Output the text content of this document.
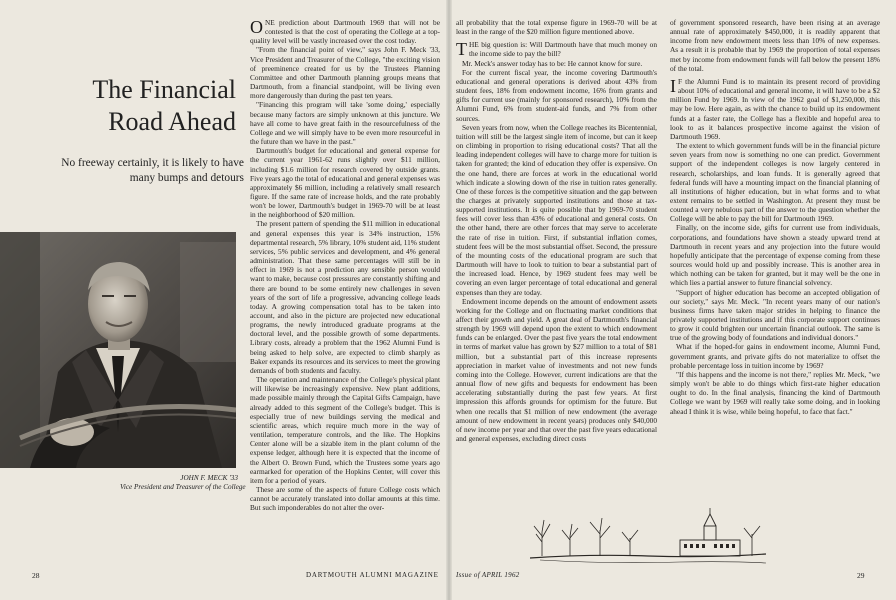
The Financial
Road Ahead
No freeway certainly, it is likely to have many bumps and detours
JOHN F. MECK '33
Vice President and Treasurer of the College

ONE prediction about Dartmouth 1969 that will not be contested is that the cost of operating the College at a top-quality level will be vastly increased over the cost today.

"From the financial point of view," says John F. Meck '33, Vice President and Treasurer of the College, "the exciting vision of preeminence created for us by the Trustees Planning Committee and other Dartmouth planning groups means that Dartmouth, from a financial standpoint, will be living even more dangerously than during the past ten years.

"Financing this program will take 'some doing,' especially because many factors are simply unknown at this juncture. We have all come to have great faith in the resourcefulness of the College and we will simply have to be even more resourceful in the future than we have in the past."

Dartmouth's budget for educational and general expense for the current year 1961-62 runs slightly over $11 million, including $1.6 million for research covered by outside grants. Five years ago the total of educational and general expenses was approximately $6 million, including a relatively small research figure. If the same rate of increase holds, and the rate probably won't be lower, Dartmouth's budget in 1969-70 will be at least in the neighborhood of $20 million.

The present pattern of spending the $11 million in educational and general expenses this year is 34% instruction, 15% departmental research, 5% library, 10% student aid, 11% student services, 5% public services and development, and 4% general administration. That these same percentages will still be in effect in 1969 is not a prediction any sensible person would want to make, because cost pressures are constantly shifting and there are bound to be some entirely new challenges in seven years of the sort of life a progressive, advancing college leads today. A growing compensation total has to be taken into account, and also in the picture are projected new educational programs, the newly introduced graduate programs at the doctoral level, and the possible growth of some departments. Library costs, already a problem that the 1962 Alumni Fund is being asked to help solve, are expected to climb sharply as Baker expands its resources and its services to meet the growing demands of both students and faculty.

The operation and maintenance of the College's physical plant will likewise be increasingly expensive. New plant additions, made possible mainly through the Capital Gifts Campaign, have already added to this segment of the College's budget. This is especially true of new buildings serving the medical and scientific areas, which require much more in the way of ventilation, temperature controls, and the like. The Hopkins Center alone will be a sizable item in the plant column of the expense ledger, although here it is expected that the income of the Albert O. Brown Fund, which the Trustees some years ago earmarked for operation of the Hopkins Center, will cover this item for a period of years.

These are some of the aspects of future College costs which cannot be accurately translated into dollar amounts at this time. But such imponderables do not alter the over-

28	DARTMOUTH ALUMNI MAGAZINE

all probability that the total expense figure in 1969-70 will be at least in the range of the $20 million figure mentioned above.

THE big question is: Will Dartmouth have that much money on the income side to pay the bill?

Mr. Meck's answer today has to be: He cannot know for sure.

For the current fiscal year, the income covering Dartmouth's educational and general operations is derived about 43% from student fees, 18% from endowment income, 16% from grants and gifts for current use (mainly for sponsored research), 10% from the Alumni Fund, 6% from student-aid funds, and 7% from other sources.

Seven years from now, when the College reaches its Bicentennial, tuition will still be the largest single item of income, but can it keep on climbing in proportion to rising educational costs? That all the leading independent colleges will have to charge more for tuition is taken for granted; the kind of education they offer is expensive. On the one hand, there are forces at work in the educational world which indicate a slowing down of the rise in tuition rates generally. One of these forces is the competitive situation and the gap between the charges at privately supported institutions and those at tax-supported institutions. It is quite possible that by 1969-70 student fees will cover less than 43% of educational and general costs. On the other hand, there are other forces that may serve to accelerate the rate of rise in tuition. First, if substantial inflation comes, student fees will be the most substantial offset. Second, the pressure of the mounting costs of the educational program are such that Dartmouth will have to look to tuition to bear a substantial part of the increased load. Hence, by 1969 student fees may well be covering an even larger percentage of total educational and general expenses than they are today.

Endowment income depends on the amount of endowment assets working for the College and on fluctuating market conditions that affect their growth and yield. A great deal of Dartmouth's financial strength by 1969 will depend upon the extent to which endowment funds can be enlarged. Over the past five years the total endowment in terms of market value has grown by $27 million to a total of $81 million, but a substantial part of this increase represents appreciation in market value of investments and not new funds coming into the College. However, current indications are that the annual flow of new gifts and bequests for endowment has been accelerating substantially during the past few years. At first impression this affords grounds for optimism for the future. But when one recalls that $1 million of new endowment (the average amount of new endowment in recent years) produces only $40,000 of new income per year and that over the past five years educational and general expenses, excluding direct costs

of government sponsored research, have been rising at an average annual rate of approximately $450,000, it is readily apparent that income from new endowment meets less than 10% of new expenses. As a result it is probable that by 1969 the proportion of total expenses met by income from endowment funds will fall below the present 18% of the total.

I F the Alumni Fund is to maintain its present record of providing about 10% of educational and general income, it will have to be a $2 million Fund by 1969. In view of the 1962 goal of $1,250,000, this may be low. Here again, as with the chance to build up its endowment funds at a faster rate, the College has a flexible and hopeful area to look to as it balances prospective income against the vision of Dartmouth 1969.

The extent to which government funds will be in the financial picture seven years from now is something no one can predict. Government support of the independent colleges is now largely centered in research, scholarships, and loan funds. It is generally agreed that federal funds will have a mounting impact on the financial planning of all institutions of higher education, but in what forms and to what extent remains to be settled in Washington. At present they must be counted a very nebulous part of the answer to the question whether the College will be able to pay the bill for Dartmouth 1969.

Finally, on the income side, gifts for current use from individuals, corporations, and foundations have shown a steady upward trend at Dartmouth in recent years and any projection into the future would hopefully anticipate that the percentage of expense coming from these sources would hold up and possibly increase. This is another area in which nothing can be taken for granted, but it may well be the one in which lies a partial answer to future financial solvency.

"Support of higher education has become an accepted obligation of our society," says Mr. Meck. "In recent years many of our nation's business firms have taken major strides in helping to finance the privately supported institutions and if this corporate support continues to grow it could brighten our uncertain financial outlook. The same is true of the growing body of foundations and individual donors."

What if the hoped-for gains in endowment income, Alumni Fund, government grants, and private gifts do not materialize to offset the probable percentage loss in tuition income by 1969?

"If this happens and the income is not there," replies Mr. Meck, "we simply won't be able to do things which first-rate higher education ought to do. In the final analysis, financing the kind of Dartmouth College we want by 1969 will really take some doing, and in looking ahead I think it is wise, while being hopeful, to face that fact."

Issue of APRIL 1962	29
